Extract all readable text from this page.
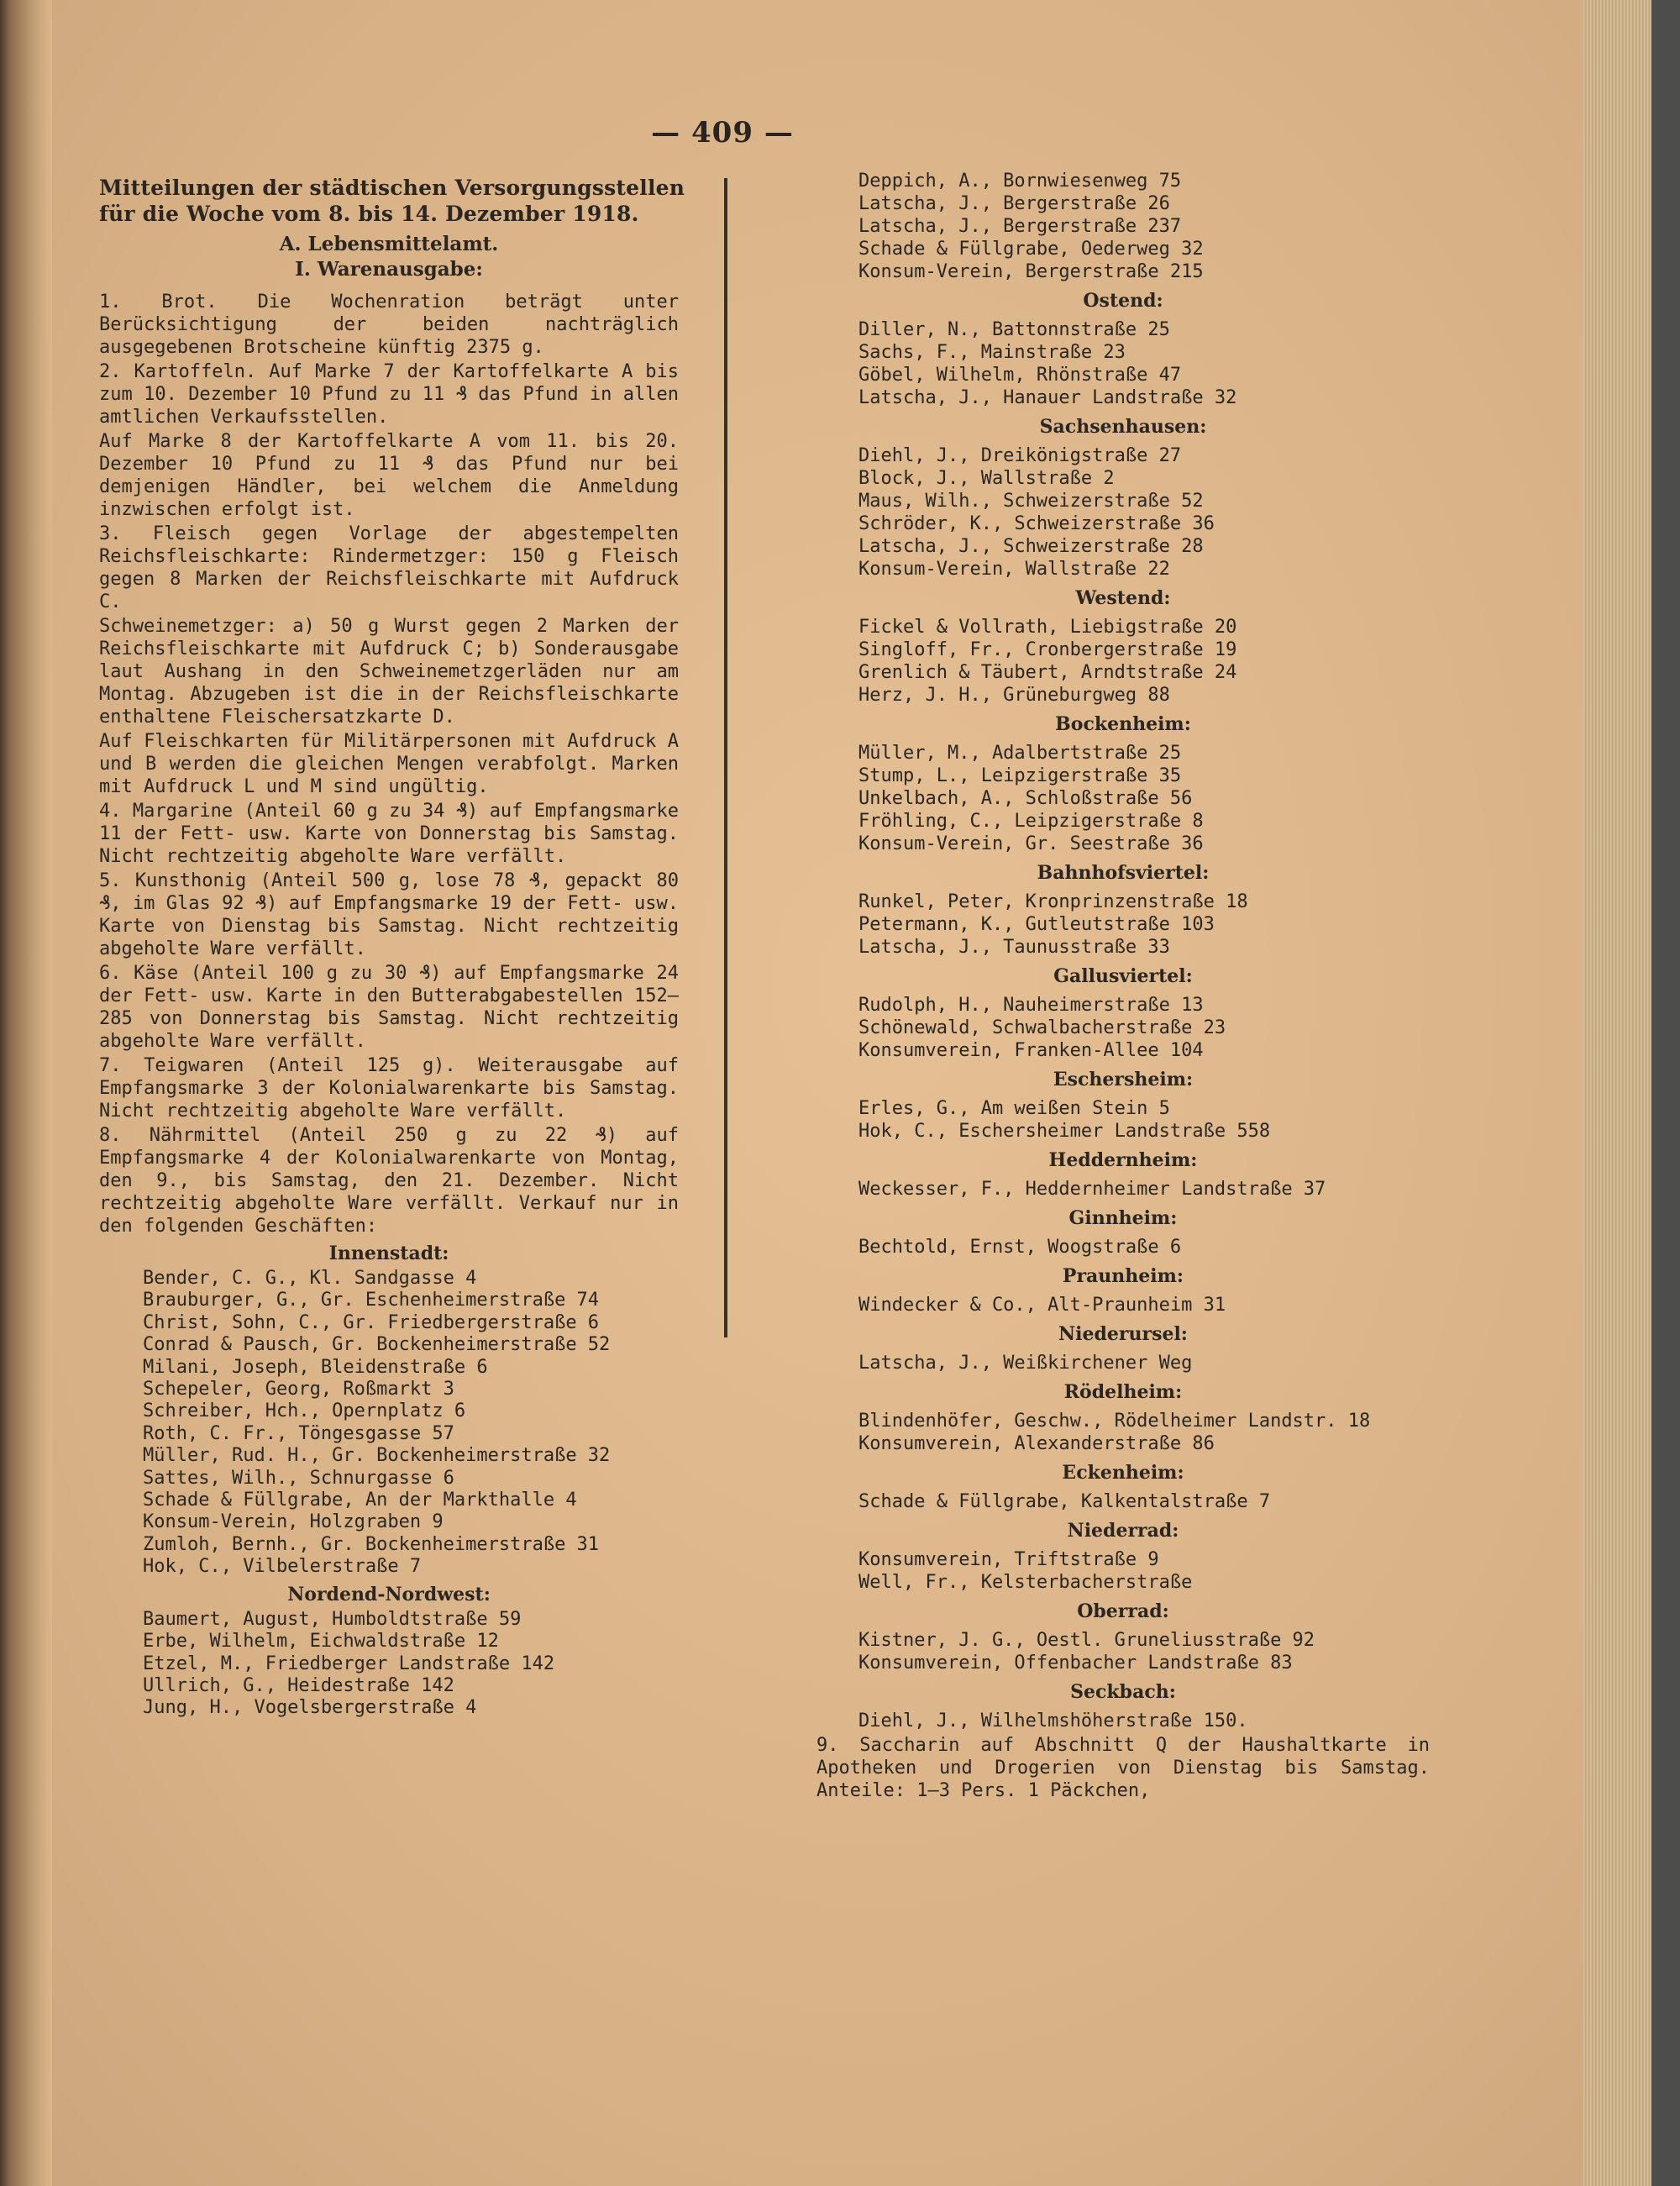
— 409 —
Mitteilungen der städtischen Versorgungsstellen
für die Woche vom 8. bis 14. Dezember 1918.
A. Lebensmittelamt.
I. Warenausgabe:

1. Brot. Die Wochenration beträgt unter Berücksichtigung der beiden nachträglich ausgegebenen Brotscheine künftig 2375 g.

2. Kartoffeln. Auf Marke 7 der Kartoffelkarte A bis zum 10. Dezember 10 Pfund zu 11 ₰ das Pfund in allen amtlichen Verkaufsstellen.

Auf Marke 8 der Kartoffelkarte A vom 11. bis 20. Dezember 10 Pfund zu 11 ₰ das Pfund nur bei demjenigen Händler, bei welchem die Anmeldung inzwischen erfolgt ist.

3. Fleisch gegen Vorlage der abgestempelten Reichsfleischkarte: Rindermetzger: 150 g Fleisch gegen 8 Marken der Reichsfleischkarte mit Aufdruck C.

Schweinemetzger: a) 50 g Wurst gegen 2 Marken der Reichsfleischkarte mit Aufdruck C; b) Sonderausgabe laut Aushang in den Schweinemetzgerläden nur am Montag. Abzugeben ist die in der Reichsfleischkarte enthaltene Fleischersatzkarte D.

Auf Fleischkarten für Militärpersonen mit Aufdruck A und B werden die gleichen Mengen verabfolgt. Marken mit Aufdruck L und M sind ungültig.

4. Margarine (Anteil 60 g zu 34 ₰) auf Empfangsmarke 11 der Fett- usw. Karte von Donnerstag bis Samstag. Nicht rechtzeitig abgeholte Ware verfällt.

5. Kunsthonig (Anteil 500 g, lose 78 ₰, gepackt 80 ₰, im Glas 92 ₰) auf Empfangsmarke 19 der Fett- usw. Karte von Dienstag bis Samstag. Nicht rechtzeitig abgeholte Ware verfällt.

6. Käse (Anteil 100 g zu 30 ₰) auf Empfangsmarke 24 der Fett- usw. Karte in den Butterabgabestellen 152—285 von Donnerstag bis Samstag. Nicht rechtzeitig abgeholte Ware verfällt.

7. Teigwaren (Anteil 125 g). Weiterausgabe auf Empfangsmarke 3 der Kolonialwarenkarte bis Samstag. Nicht rechtzeitig abgeholte Ware verfällt.

8. Nährmittel (Anteil 250 g zu 22 ₰) auf Empfangsmarke 4 der Kolonialwarenkarte von Montag, den 9., bis Samstag, den 21. Dezember. Nicht rechtzeitig abgeholte Ware verfällt. Verkauf nur in den folgenden Geschäften:

Innenstadt:
Bender, C. G., Kl. Sandgasse 4
Brauburger, G., Gr. Eschenheimerstraße 74
Christ, Sohn, C., Gr. Friedbergerstraße 6
Conrad & Pausch, Gr. Bockenheimerstraße 52
Milani, Joseph, Bleidenstraße 6
Schepeler, Georg, Roßmarkt 3
Schreiber, Hch., Opernplatz 6
Roth, C. Fr., Töngesgasse 57
Müller, Rud. H., Gr. Bockenheimerstraße 32
Sattes, Wilh., Schnurgasse 6
Schade & Füllgrabe, An der Markthalle 4
Konsum-Verein, Holzgraben 9
Zumloh, Bernh., Gr. Bockenheimerstraße 31
Hok, C., Vilbelerstraße 7
Nordend-Nordwest:
Baumert, August, Humboldtstraße 59
Erbe, Wilhelm, Eichwaldstraße 12
Etzel, M., Friedberger Landstraße 142
Ullrich, G., Heidestraße 142
Jung, H., Vogelsbergerstraße 4
Deppich, A., Bornwiesenweg 75
Latscha, J., Bergerstraße 26
Latscha, J., Bergerstraße 237
Schade & Füllgrabe, Oederweg 32
Konsum-Verein, Bergerstraße 215
Ostend:
Diller, N., Battonnstraße 25
Sachs, F., Mainstraße 23
Göbel, Wilhelm, Rhönstraße 47
Latscha, J., Hanauer Landstraße 32
Sachsenhausen:
Diehl, J., Dreikönigstraße 27
Block, J., Wallstraße 2
Maus, Wilh., Schweizerstraße 52
Schröder, K., Schweizerstraße 36
Latscha, J., Schweizerstraße 28
Konsum-Verein, Wallstraße 22
Westend:
Fickel & Vollrath, Liebigstraße 20
Singloff, Fr., Cronbergerstraße 19
Grenlich & Täubert, Arndtstraße 24
Herz, J. H., Grüneburgweg 88
Bockenheim:
Müller, M., Adalbertstraße 25
Stump, L., Leipzigerstraße 35
Unkelbach, A., Schloßstraße 56
Fröhling, C., Leipzigerstraße 8
Konsum-Verein, Gr. Seestraße 36
Bahnhofsviertel:
Runkel, Peter, Kronprinzenstraße 18
Petermann, K., Gutleutstraße 103
Latscha, J., Taunusstraße 33
Gallusviertel:
Rudolph, H., Nauheimerstraße 13
Schönewald, Schwalbacherstraße 23
Konsumverein, Franken-Allee 104
Eschersheim:
Erles, G., Am weißen Stein 5
Hok, C., Eschersheimer Landstraße 558
Heddernheim:
Weckesser, F., Heddernheimer Landstraße 37
Ginnheim:
Bechtold, Ernst, Woogstraße 6
Praunheim:
Windecker & Co., Alt-Praunheim 31
Niederursel:
Latscha, J., Weißkirchener Weg
Rödelheim:
Blindenhöfer, Geschw., Rödelheimer Landstr. 18
Konsumverein, Alexanderstraße 86
Eckenheim:
Schade & Füllgrabe, Kalkentalstraße 7
Niederrad:
Konsumverein, Triftstraße 9
Well, Fr., Kelsterbacherstraße
Oberrad:
Kistner, J. G., Oestl. Gruneliusstraße 92
Konsumverein, Offenbacher Landstraße 83
Seckbach:
Diehl, J., Wilhelmshöherstraße 150.
9. Saccharin auf Abschnitt Q der Haushaltkarte in Apotheken und Drogerien von Dienstag bis Samstag. Anteile: 1—3 Pers. 1 Päckchen,
